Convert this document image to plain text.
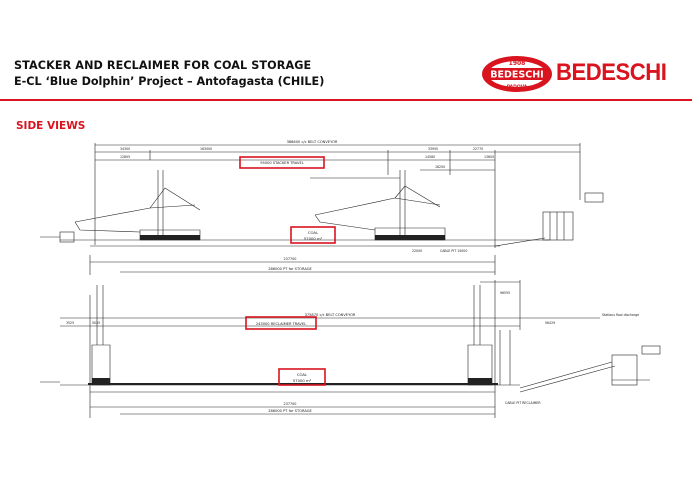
STACKER AND RECLAIMER FOR COAL STORAGE
E-CL ‘Blue Dolphin’ Project – Antofagasta (CHILE)	BEDESCHI
1908
PADOVA
BEDESCHI
SIDE VIEWS
388600 c/c BELT CONVEYOR
95000 STACKER TRAVEL
COAL
57000 m²
286000 PT for STORAGE
237700
CABLE PIT 15000
34300	163000	33950	22770
12805	14580	13600
18200
22000
375870 c/c BELT CONVEYOR
243000 RECLAIMER TRAVEL
COAL
57000 m²
286000 PT for STORAGE
237700	CABLE PIT RECLAIMER
Stations flow discharge
3525	5035
96555
56429
